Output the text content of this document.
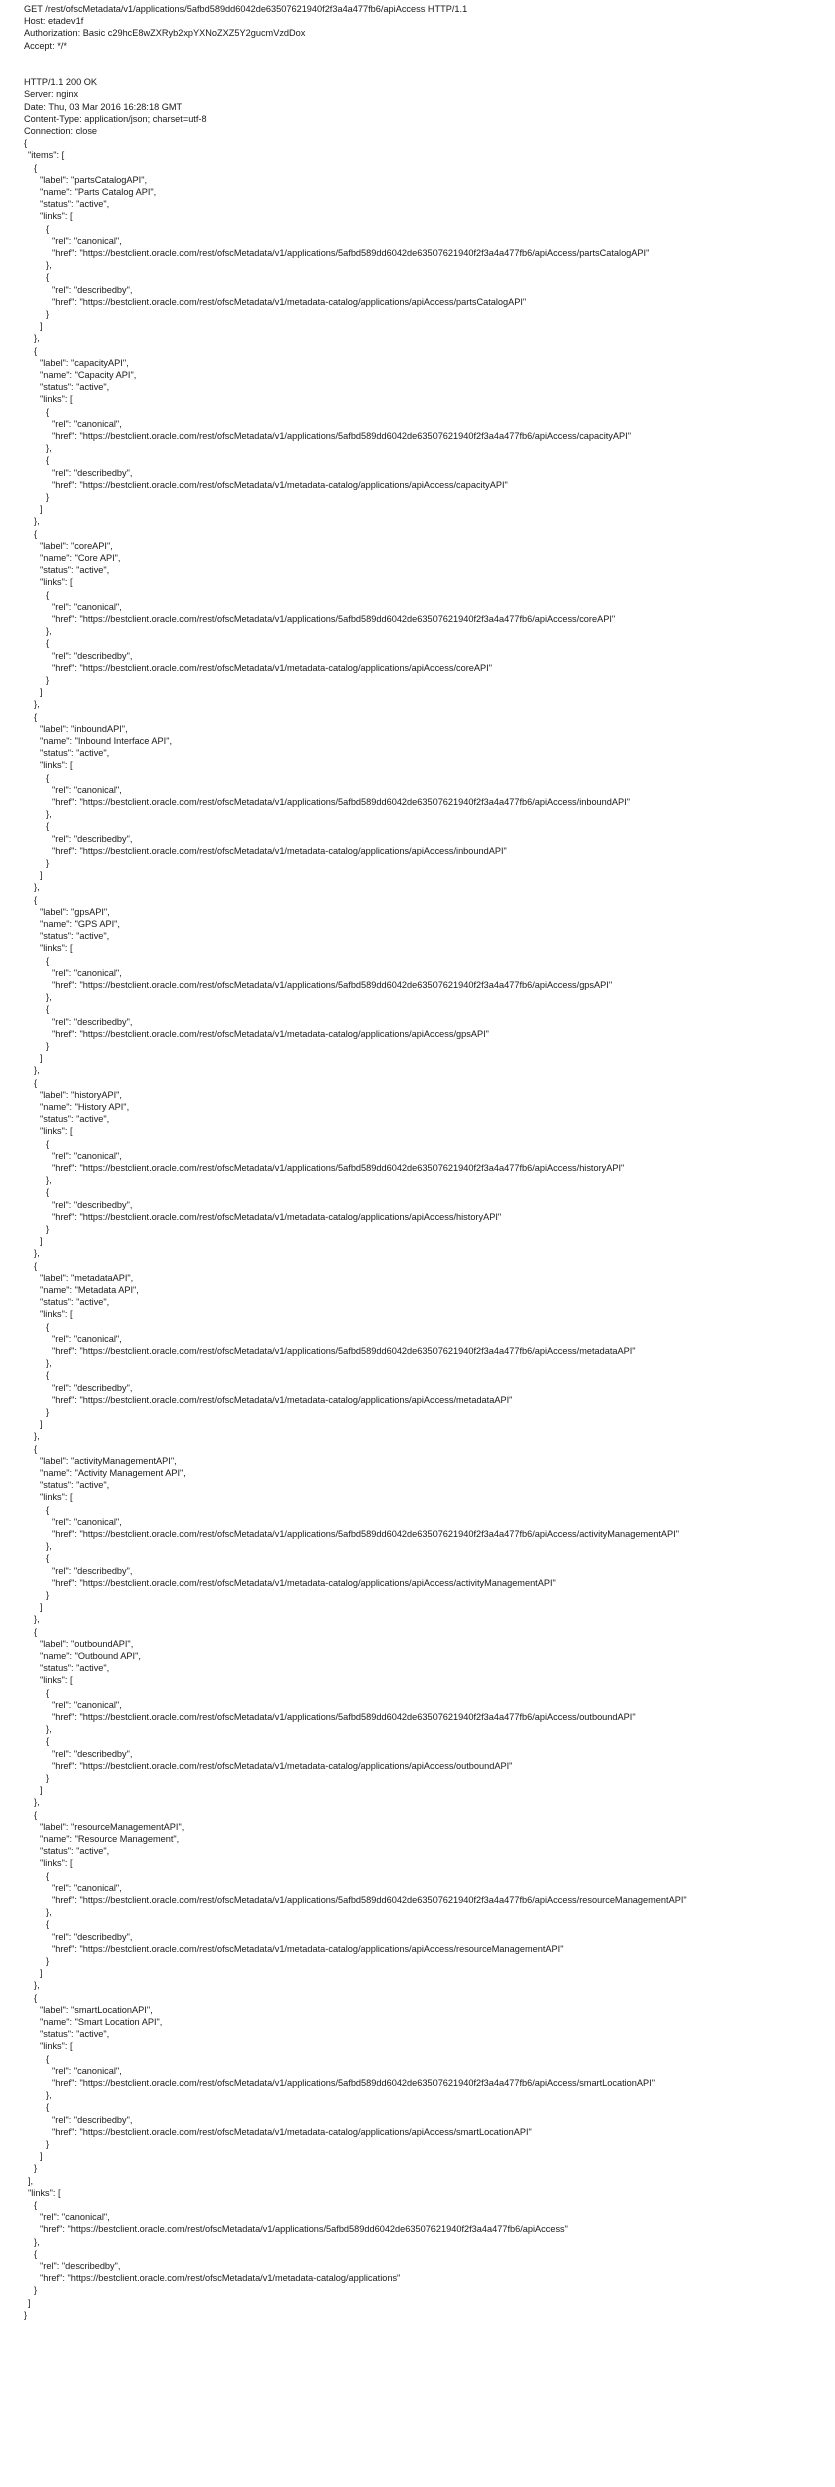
GET /rest/ofscMetadata/v1/applications/5afbd589dd6042de63507621940f2f3a4a477fb6/apiAccess HTTP/1.1
Host: etadev1f
Authorization: Basic c29hcE8wZXRyb2xpYXNoZXZ5Y2gucmVzdDox
Accept: */*
HTTP/1.1 200 OK
Server: nginx
Date: Thu, 03 Mar 2016 16:28:18 GMT
Content-Type: application/json; charset=utf-8
Connection: close
{
"items": [
{
"label": "partsCatalogAPI",
"name": "Parts Catalog API",
"status": "active",
"links": [
{
"rel": "canonical",
"href": "https://bestclient.oracle.com/rest/ofscMetadata/v1/applications/5afbd589dd6042de63507621940f2f3a4a477fb6/apiAccess/partsCatalogAPI"
},
{
"rel": "describedby",
"href": "https://bestclient.oracle.com/rest/ofscMetadata/v1/metadata-catalog/applications/apiAccess/partsCatalogAPI"
}
]
},
{
"label": "capacityAPI",
"name": "Capacity API",
"status": "active",
"links": [
{
"rel": "canonical",
"href": "https://bestclient.oracle.com/rest/ofscMetadata/v1/applications/5afbd589dd6042de63507621940f2f3a4a477fb6/apiAccess/capacityAPI"
},
{
"rel": "describedby",
"href": "https://bestclient.oracle.com/rest/ofscMetadata/v1/metadata-catalog/applications/apiAccess/capacityAPI"
}
]
},
{
"label": "coreAPI",
"name": "Core API",
"status": "active",
"links": [
{
"rel": "canonical",
"href": "https://bestclient.oracle.com/rest/ofscMetadata/v1/applications/5afbd589dd6042de63507621940f2f3a4a477fb6/apiAccess/coreAPI"
},
{
"rel": "describedby",
"href": "https://bestclient.oracle.com/rest/ofscMetadata/v1/metadata-catalog/applications/apiAccess/coreAPI"
}
]
},
{
"label": "inboundAPI",
"name": "Inbound Interface API",
"status": "active",
"links": [
{
"rel": "canonical",
"href": "https://bestclient.oracle.com/rest/ofscMetadata/v1/applications/5afbd589dd6042de63507621940f2f3a4a477fb6/apiAccess/inboundAPI"
},
{
"rel": "describedby",
"href": "https://bestclient.oracle.com/rest/ofscMetadata/v1/metadata-catalog/applications/apiAccess/inboundAPI"
}
]
},
{
"label": "gpsAPI",
"name": "GPS API",
"status": "active",
"links": [
{
"rel": "canonical",
"href": "https://bestclient.oracle.com/rest/ofscMetadata/v1/applications/5afbd589dd6042de63507621940f2f3a4a477fb6/apiAccess/gpsAPI"
},
{
"rel": "describedby",
"href": "https://bestclient.oracle.com/rest/ofscMetadata/v1/metadata-catalog/applications/apiAccess/gpsAPI"
}
]
},
{
"label": "historyAPI",
"name": "History API",
"status": "active",
"links": [
{
"rel": "canonical",
"href": "https://bestclient.oracle.com/rest/ofscMetadata/v1/applications/5afbd589dd6042de63507621940f2f3a4a477fb6/apiAccess/historyAPI"
},
{
"rel": "describedby",
"href": "https://bestclient.oracle.com/rest/ofscMetadata/v1/metadata-catalog/applications/apiAccess/historyAPI"
}
]
},
{
"label": "metadataAPI",
"name": "Metadata API",
"status": "active",
"links": [
{
"rel": "canonical",
"href": "https://bestclient.oracle.com/rest/ofscMetadata/v1/applications/5afbd589dd6042de63507621940f2f3a4a477fb6/apiAccess/metadataAPI"
},
{
"rel": "describedby",
"href": "https://bestclient.oracle.com/rest/ofscMetadata/v1/metadata-catalog/applications/apiAccess/metadataAPI"
}
]
},
{
"label": "activityManagementAPI",
"name": "Activity Management API",
"status": "active",
"links": [
{
"rel": "canonical",
"href": "https://bestclient.oracle.com/rest/ofscMetadata/v1/applications/5afbd589dd6042de63507621940f2f3a4a477fb6/apiAccess/activityManagementAPI"
},
{
"rel": "describedby",
"href": "https://bestclient.oracle.com/rest/ofscMetadata/v1/metadata-catalog/applications/apiAccess/activityManagementAPI"
}
]
},
{
"label": "outboundAPI",
"name": "Outbound API",
"status": "active",
"links": [
{
"rel": "canonical",
"href": "https://bestclient.oracle.com/rest/ofscMetadata/v1/applications/5afbd589dd6042de63507621940f2f3a4a477fb6/apiAccess/outboundAPI"
},
{
"rel": "describedby",
"href": "https://bestclient.oracle.com/rest/ofscMetadata/v1/metadata-catalog/applications/apiAccess/outboundAPI"
}
]
},
{
"label": "resourceManagementAPI",
"name": "Resource Management",
"status": "active",
"links": [
{
"rel": "canonical",
"href": "https://bestclient.oracle.com/rest/ofscMetadata/v1/applications/5afbd589dd6042de63507621940f2f3a4a477fb6/apiAccess/resourceManagementAPI"
},
{
"rel": "describedby",
"href": "https://bestclient.oracle.com/rest/ofscMetadata/v1/metadata-catalog/applications/apiAccess/resourceManagementAPI"
}
]
},
{
"label": "smartLocationAPI",
"name": "Smart Location API",
"status": "active",
"links": [
{
"rel": "canonical",
"href": "https://bestclient.oracle.com/rest/ofscMetadata/v1/applications/5afbd589dd6042de63507621940f2f3a4a477fb6/apiAccess/smartLocationAPI"
},
{
"rel": "describedby",
"href": "https://bestclient.oracle.com/rest/ofscMetadata/v1/metadata-catalog/applications/apiAccess/smartLocationAPI"
}
]
}
],
"links": [
{
"rel": "canonical",
"href": "https://bestclient.oracle.com/rest/ofscMetadata/v1/applications/5afbd589dd6042de63507621940f2f3a4a477fb6/apiAccess"
},
{
"rel": "describedby",
"href": "https://bestclient.oracle.com/rest/ofscMetadata/v1/metadata-catalog/applications"
}
]
}
